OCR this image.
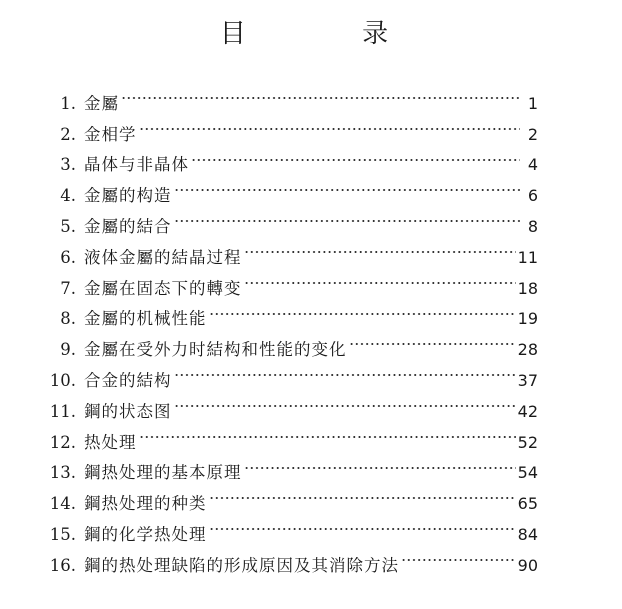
目 录
1. 金屬	1
2. 金相学	2
3. 晶体与非晶体	4
4. 金屬的构造	6
5. 金屬的結合	8
6. 液体金屬的結晶过程	11
7. 金屬在固态下的轉变	18
8. 金屬的机械性能	19
9. 金屬在受外力时結构和性能的变化	28
10. 合金的結构	37
11. 鋼的状态图	42
12. 热处理	52
13. 鋼热处理的基本原理	54
14. 鋼热处理的种类	65
15. 鋼的化学热处理	84
16. 鋼的热处理缺陷的形成原因及其消除方法	90
